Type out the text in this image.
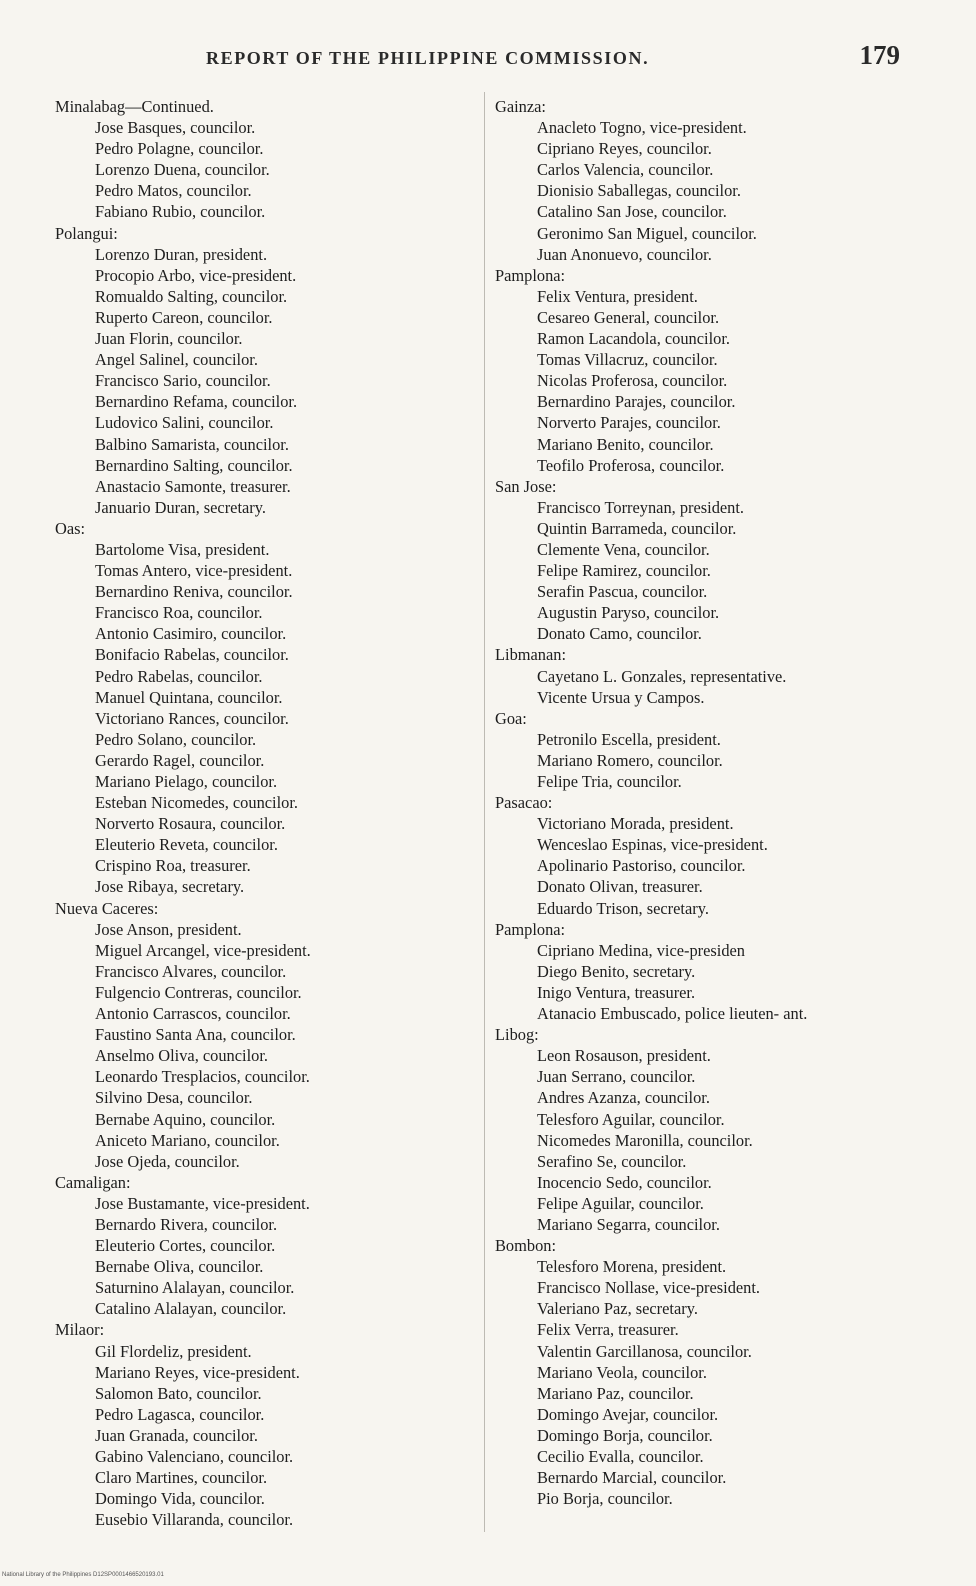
REPORT OF THE PHILIPPINE COMMISSION.	179
Minalabag—Continued.
Jose Basques, councilor.
Pedro Polagne, councilor.
Lorenzo Duena, councilor.
Pedro Matos, councilor.
Fabiano Rubio, councilor.
Polangui:
Lorenzo Duran, president.
Procopio Arbo, vice-president.
Romualdo Salting, councilor.
Ruperto Careon, councilor.
Juan Florin, councilor.
Angel Salinel, councilor.
Francisco Sario, councilor.
Bernardino Refama, councilor.
Ludovico Salini, councilor.
Balbino Samarista, councilor.
Bernardino Salting, councilor.
Anastacio Samonte, treasurer.
Januario Duran, secretary.
Oas:
Bartolome Visa, president.
Tomas Antero, vice-president.
Bernardino Reniva, councilor.
Francisco Roa, councilor.
Antonio Casimiro, councilor.
Bonifacio Rabelas, councilor.
Pedro Rabelas, councilor.
Manuel Quintana, councilor.
Victoriano Rances, councilor.
Pedro Solano, councilor.
Gerardo Ragel, councilor.
Mariano Pielago, councilor.
Esteban Nicomedes, councilor.
Norverto Rosaura, councilor.
Eleuterio Reveta, councilor.
Crispino Roa, treasurer.
Jose Ribaya, secretary.
Nueva Caceres:
Jose Anson, president.
Miguel Arcangel, vice-president.
Francisco Alvares, councilor.
Fulgencio Contreras, councilor.
Antonio Carrascos, councilor.
Faustino Santa Ana, councilor.
Anselmo Oliva, councilor.
Leonardo Tresplacios, councilor.
Silvino Desa, councilor.
Bernabe Aquino, councilor.
Aniceto Mariano, councilor.
Jose Ojeda, councilor.
Camaligan:
Jose Bustamante, vice-president.
Bernardo Rivera, councilor.
Eleuterio Cortes, councilor.
Bernabe Oliva, councilor.
Saturnino Alalayan, councilor.
Catalino Alalayan, councilor.
Milaor:
Gil Flordeliz, president.
Mariano Reyes, vice-president.
Salomon Bato, councilor.
Pedro Lagasca, councilor.
Juan Granada, councilor.
Gabino Valenciano, councilor.
Claro Martines, councilor.
Domingo Vida, councilor.
Eusebio Villaranda, councilor.
Gainza:
Anacleto Togno, vice-president.
Cipriano Reyes, councilor.
Carlos Valencia, councilor.
Dionisio Saballegas, councilor.
Catalino San Jose, councilor.
Geronimo San Miguel, councilor.
Juan Anonuevo, councilor.
Pamplona:
Felix Ventura, president.
Cesareo General, councilor.
Ramon Lacandola, councilor.
Tomas Villacruz, councilor.
Nicolas Proferosa, councilor.
Bernardino Parajes, councilor.
Norverto Parajes, councilor.
Mariano Benito, councilor.
Teofilo Proferosa, councilor.
San Jose:
Francisco Torreynan, president.
Quintin Barrameda, councilor.
Clemente Vena, councilor.
Felipe Ramirez, councilor.
Serafin Pascua, councilor.
Augustin Paryso, councilor.
Donato Camo, councilor.
Libmanan:
Cayetano L. Gonzales, representative.
Vicente Ursua y Campos.
Goa:
Petronilo Escella, president.
Mariano Romero, councilor.
Felipe Tria, councilor.
Pasacao:
Victoriano Morada, president.
Wenceslao Espinas, vice-president.
Apolinario Pastoriso, councilor.
Donato Olivan, treasurer.
Eduardo Trison, secretary.
Pamplona:
Cipriano Medina, vice-presiden
Diego Benito, secretary.
Inigo Ventura, treasurer.
Atanacio Embuscado, police lieuten- ant.
Libog:
Leon Rosauson, president.
Juan Serrano, councilor.
Andres Azanza, councilor.
Telesforo Aguilar, councilor.
Nicomedes Maronilla, councilor.
Serafino Se, councilor.
Inocencio Sedo, councilor.
Felipe Aguilar, councilor.
Mariano Segarra, councilor.
Bombon:
Telesforo Morena, president.
Francisco Nollase, vice-president.
Valeriano Paz, secretary.
Felix Verra, treasurer.
Valentin Garcillanosa, councilor.
Mariano Veola, councilor.
Mariano Paz, councilor.
Domingo Avejar, councilor.
Domingo Borja, councilor.
Cecilio Evalla, councilor.
Bernardo Marcial, councilor.
Pio Borja, councilor.
National Library of the Philippines D12SP0001466520193.01
